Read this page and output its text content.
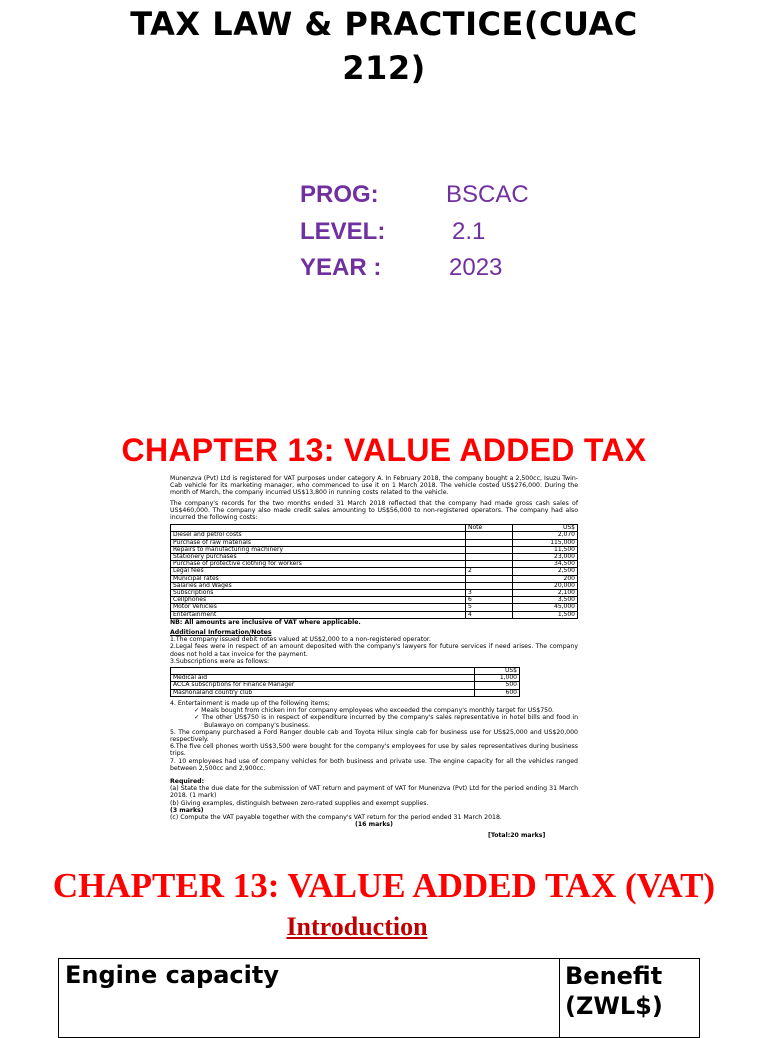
TAX LAW & PRACTICE(CUAC
212)
PROG:	BSCAC
LEVEL:	2.1
YEAR :	2023
CHAPTER 13: VALUE ADDED TAX

Munenzva (Pvt) Ltd is registered for VAT purposes under category A. In February 2018, the company bought a 2,500cc, Isuzu Twin-Cab vehicle for its marketing manager, who commenced to use it on 1 March 2018. The vehicle costed US$276,000. During the month of March, the company incurred US$13,800 in running costs related to the vehicle.

The company's records for the two months ended 31 March 2018 reflected that the company had made gross cash sales of US$460,000. The company also made credit sales amounting to US$56,000 to non-registered operators. The company had also incurred the following costs:

	Note	US$
Diesel and petrol costs		2,070
Purchase of raw materials		115,000
Repairs to manufacturing machinery		11,500
Stationery purchases		23,000
Purchase of protective clothing for workers		34,500
Legal fees	2	2,500
Municipal rates		200
Salaries and Wages		20,000
Subscriptions	3	2,100
Cellphones	6	3,500
Motor Vehicles	5	45,000
Entertainment	4	1,500

NB: All amounts are inclusive of VAT where applicable.

Additional Information/Notes

1.The company issued debit notes valued at US$2,000 to a non-registered operator.

2.Legal fees were in respect of an amount deposited with the company's lawyers for future services if need arises. The company does not hold a tax invoice for the payment.

3.Subscriptions were as follows:

	US$
Medical aid	1,000
ACCA subscriptions for Finance Manager	500
Mashonaland country club	600

4. Entertainment is made up of the following items;

✓ Meals bought from chicken inn for company employees who exceeded the company's monthly target for US$750.

✓ The other US$750 is in respect of expenditure incurred by the company's sales representative in hotel bills and food in Bulawayo on company's business.

5. The company purchased a Ford Ranger double cab and Toyota Hilux single cab for business use for US$25,000 and US$20,000 respectively.

6.The five cell phones worth US$3,500 were bought for the company's employees for use by sales representatives during business trips.

7. 10 employees had use of company vehicles for both business and private use. The engine capacity for all the vehicles ranged between 2,500cc and 2,900cc.

Required:

(a) State the due date for the submission of VAT return and payment of VAT for Munenzva (Pvt) Ltd for the period ending 31 March 2018. (1 mark)

(b) Giving examples, distinguish between zero-rated supplies and exempt supplies.

(3 marks)

(c) Compute the VAT payable together with the company's VAT return for the period ended 31 March 2018.

(16 marks)

[Total:20 marks]

CHAPTER 13: VALUE ADDED TAX (VAT)
Introduction
Engine capacity	Benefit (ZWL$)
